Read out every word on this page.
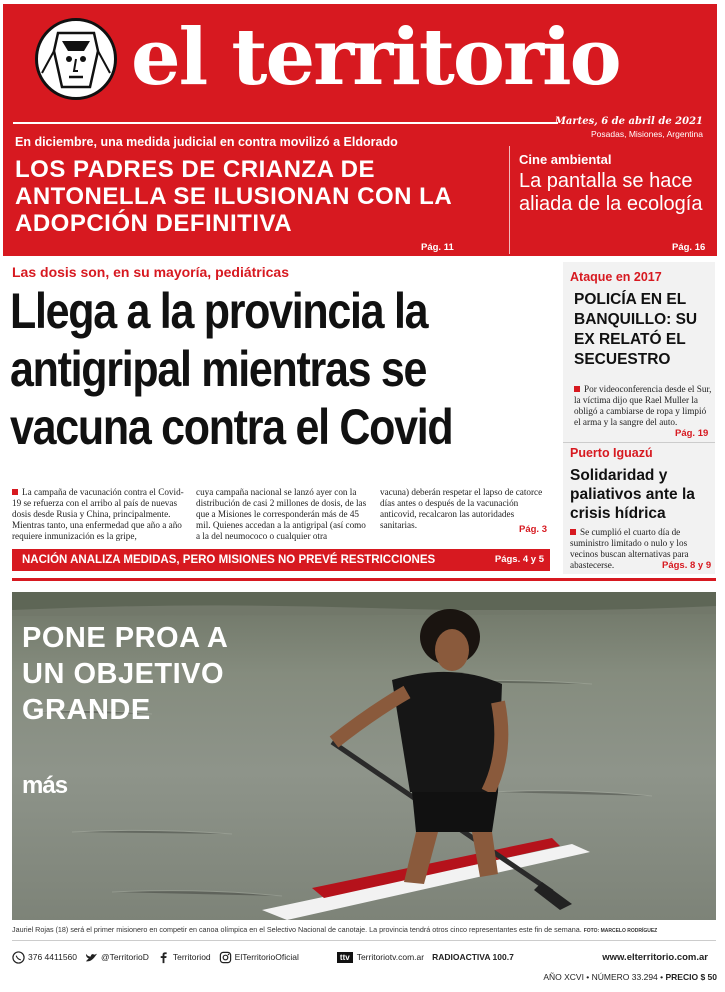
el territorio
Martes, 6 de abril de 2021
Posadas, Misiones, Argentina
En diciembre, una medida judicial en contra movilizó a Eldorado
LOS PADRES DE CRIANZA DE ANTONELLA SE ILUSIONAN CON LA ADOPCIÓN DEFINITIVA
Pág. 11
Cine ambiental
La pantalla se hace aliada de la ecología
Pág. 16
Las dosis son, en su mayoría, pediátricas
Llega a la provincia la antigripal mientras se vacuna contra el Covid
La campaña de vacunación contra el Covid-19 se refuerza con el arribo al país de nuevas dosis desde Rusia y China, principalmente. Mientras tanto, una enfermedad que año a año requiere inmunización es la gripe,
cuya campaña nacional se lanzó ayer con la distribución de casi 2 millones de dosis, de las que a Misiones le corresponderán más de 45 mil. Quienes accedan a la antigripal (así como a la del neumococo o cualquier otra
vacuna) deberán respetar el lapso de catorce días antes o después de la vacunación anticovid, recalcaron las autoridades sanitarias.	Pág. 3
NACIÓN ANALIZA MEDIDAS, PERO MISIONES NO PREVÉ RESTRICCIONES	Págs. 4 y 5
Ataque en 2017
POLICÍA EN EL BANQUILLO: SU EX RELATÓ EL SECUESTRO
Por videoconferencia desde el Sur, la víctima dijo que Rael Muller la obligó a cambiarse de ropa y limpió el arma y la sangre del auto.
Pág. 19
Puerto Iguazú
Solidaridad y paliativos ante la crisis hídrica
Se cumplió el cuarto día de suministro limitado o nulo y los vecinos buscan alternativas para abastecerse.	Págs. 8 y 9
PONE PROA A
UN OBJETIVO
GRANDE
más
Jauriel Rojas (18) será el primer misionero en competir en canoa olímpica en el Selectivo Nacional de canotaje. La provincia tendrá otros cinco representantes este fin de semana. FOTO: MARCELO RODRÍGUEZ
376 4411560	@TerritorioD	Territoriod	ElTerritorioOficial	ttv Territoriotv.com.ar RADIOACTIVA 100.7	www.elterritorio.com.ar
AÑO XCVI • NÚMERO 33.294 • PRECIO $ 50
